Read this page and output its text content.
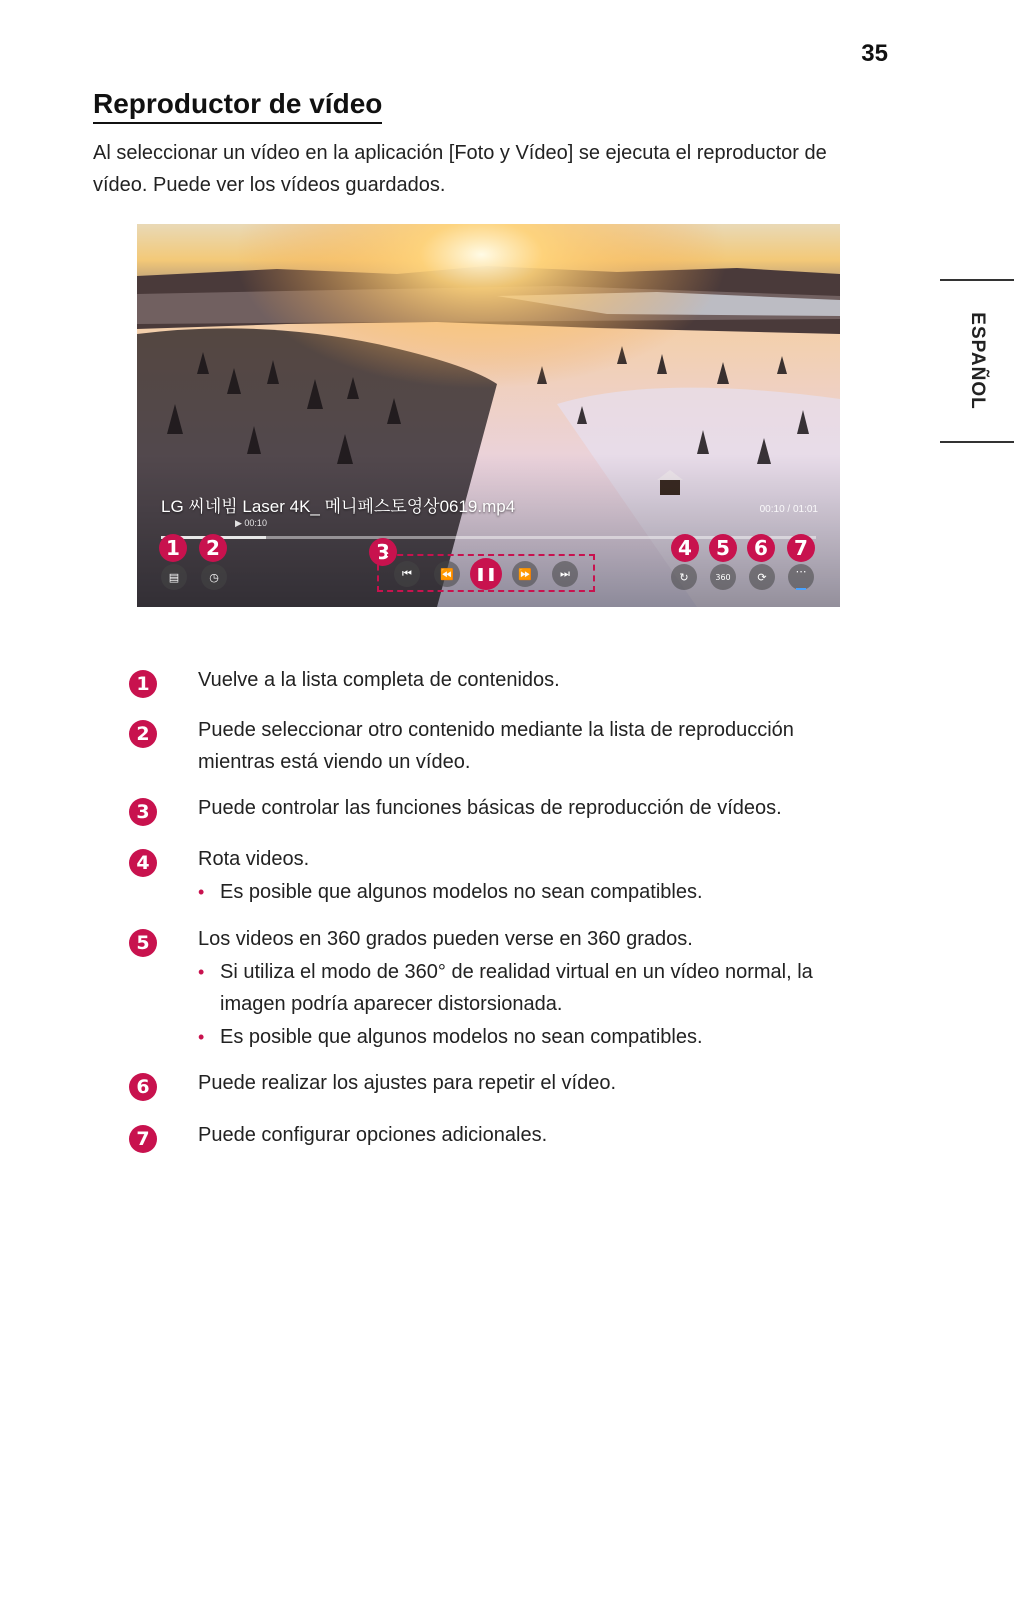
35
Reproductor de vídeo
Al seleccionar un vídeo en la aplicación [Foto y Vídeo] se ejecuta el reproductor de vídeo. Puede ver los vídeos guardados.
ESPAÑOL
LG 씨네빔 Laser 4K_ 메니페스토영상0619.mp4
▶ 00:10
00:10 / 01:01
1	2	3	4	5	6	7
▤	◷	⏮	⏪	❚❚	⏩	⏭	↻	360	⟳	⋯
1	Vuelve a la lista completa de contenidos.
2	Puede seleccionar otro contenido mediante la lista de reproducción mientras está viendo un vídeo.
3	Puede controlar las funciones básicas de reproducción de vídeos.
4	Rota videos.
• Es posible que algunos modelos no sean compatibles.
5	Los videos en 360 grados pueden verse en 360 grados.
• Si utiliza el modo de 360° de realidad virtual en un vídeo normal, la imagen podría aparecer distorsionada.
• Es posible que algunos modelos no sean compatibles.
6	Puede realizar los ajustes para repetir el vídeo.
7	Puede configurar opciones adicionales.
